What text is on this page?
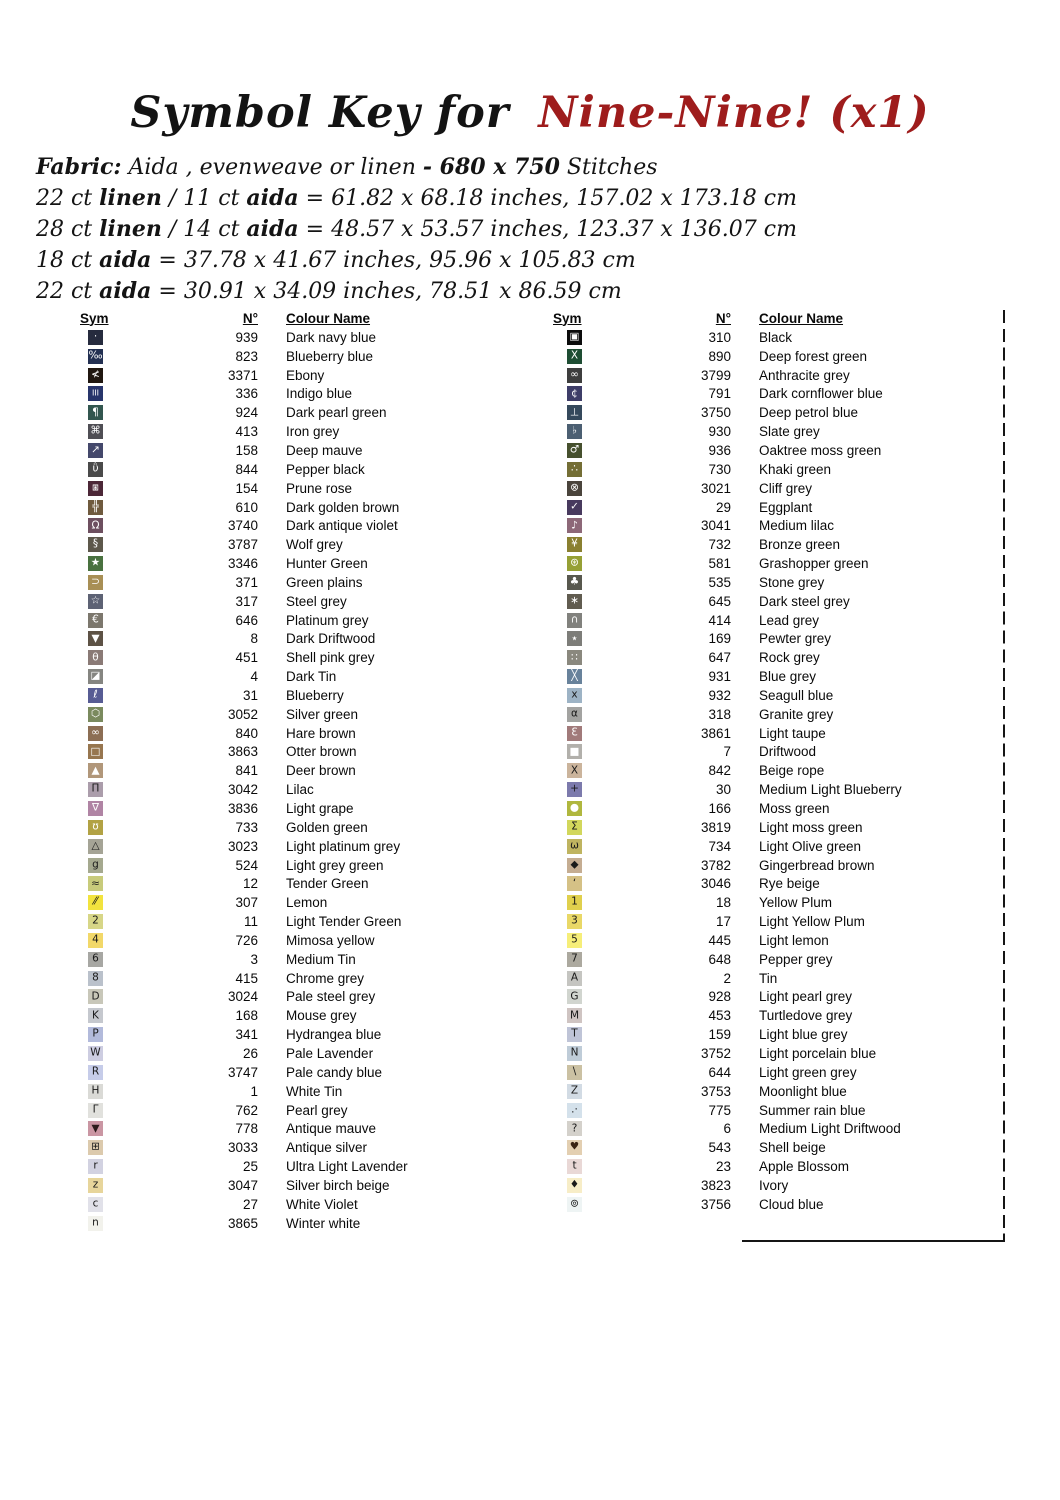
Symbol Key for Nine-Nine! (x1)
Fabric: Aida , evenweave or linen - 680 x 750 Stitches
22 ct linen / 11 ct aida = 61.82 x 68.18 inches, 157.02 x 173.18 cm
28 ct linen / 14 ct aida = 48.57 x 53.57 inches, 123.37 x 136.07 cm
18 ct aida = 37.78 x 41.67 inches, 95.96 x 105.83 cm
22 ct aida = 30.91 x 34.09 inches, 78.51 x 86.59 cm
Sym	N°	Colour Name
·	939	Dark navy blue
‰	823	Blueberry blue
≮	3371	Ebony
III	336	Indigo blue
¶	924	Dark pearl green
⌘	413	Iron grey
↗	158	Deep mauve
ΰ	844	Pepper black
⧆	154	Prune rose
╬	610	Dark golden brown
Ω	3740	Dark antique violet
§	3787	Wolf grey
★	3346	Hunter Green
⊃	371	Green plains
☆	317	Steel grey
€	646	Platinum grey
▼	8	Dark Driftwood
θ	451	Shell pink grey
◪	4	Dark Tin
ℓ	31	Blueberry
⬡	3052	Silver green
∞	840	Hare brown
□	3863	Otter brown
▲	841	Deer brown
Π	3042	Lilac
∇	3836	Light grape
ʊ	733	Golden green
△	3023	Light platinum grey
g	524	Light grey green
≈	12	Tender Green
⁄⁄	307	Lemon
2	11	Light Tender Green
4	726	Mimosa yellow
6	3	Medium Tin
8	415	Chrome grey
D	3024	Pale steel grey
K	168	Mouse grey
P	341	Hydrangea blue
W	26	Pale Lavender
R	3747	Pale candy blue
H	1	White Tin
Γ	762	Pearl grey
▼	778	Antique mauve
⊞	3033	Antique silver
r	25	Ultra Light Lavender
z	3047	Silver birch beige
c	27	White Violet
n	3865	Winter white
Sym	N°	Colour Name
▣	310	Black
X	890	Deep forest green
∞	3799	Anthracite grey
¢	791	Dark cornflower blue
⊥	3750	Deep petrol blue
♭	930	Slate grey
♂	936	Oaktree moss green
∴	730	Khaki green
⊗	3021	Cliff grey
✓	29	Eggplant
♪	3041	Medium lilac
¥	732	Bronze green
⊛	581	Grashopper green
♣	535	Stone grey
∗	645	Dark steel grey
∩	414	Lead grey
٭	169	Pewter grey
∷	647	Rock grey
╳	931	Blue grey
x	932	Seagull blue
α	318	Granite grey
Ɛ	3861	Light taupe
■	7	Driftwood
X	842	Beige rope
+	30	Medium Light Blueberry
●	166	Moss green
Σ	3819	Light moss green
ω	734	Light Olive green
◆	3782	Gingerbread brown
‘	3046	Rye beige
1	18	Yellow Plum
3	17	Light Yellow Plum
5	445	Light lemon
7	648	Pepper grey
A	2	Tin
G	928	Light pearl grey
M	453	Turtledove grey
T	159	Light blue grey
N	3752	Light porcelain blue
\	644	Light green grey
Z	3753	Moonlight blue
.·	775	Summer rain blue
?	6	Medium Light Driftwood
♥	543	Shell beige
t	23	Apple Blossom
♦	3823	Ivory
⊚	3756	Cloud blue
